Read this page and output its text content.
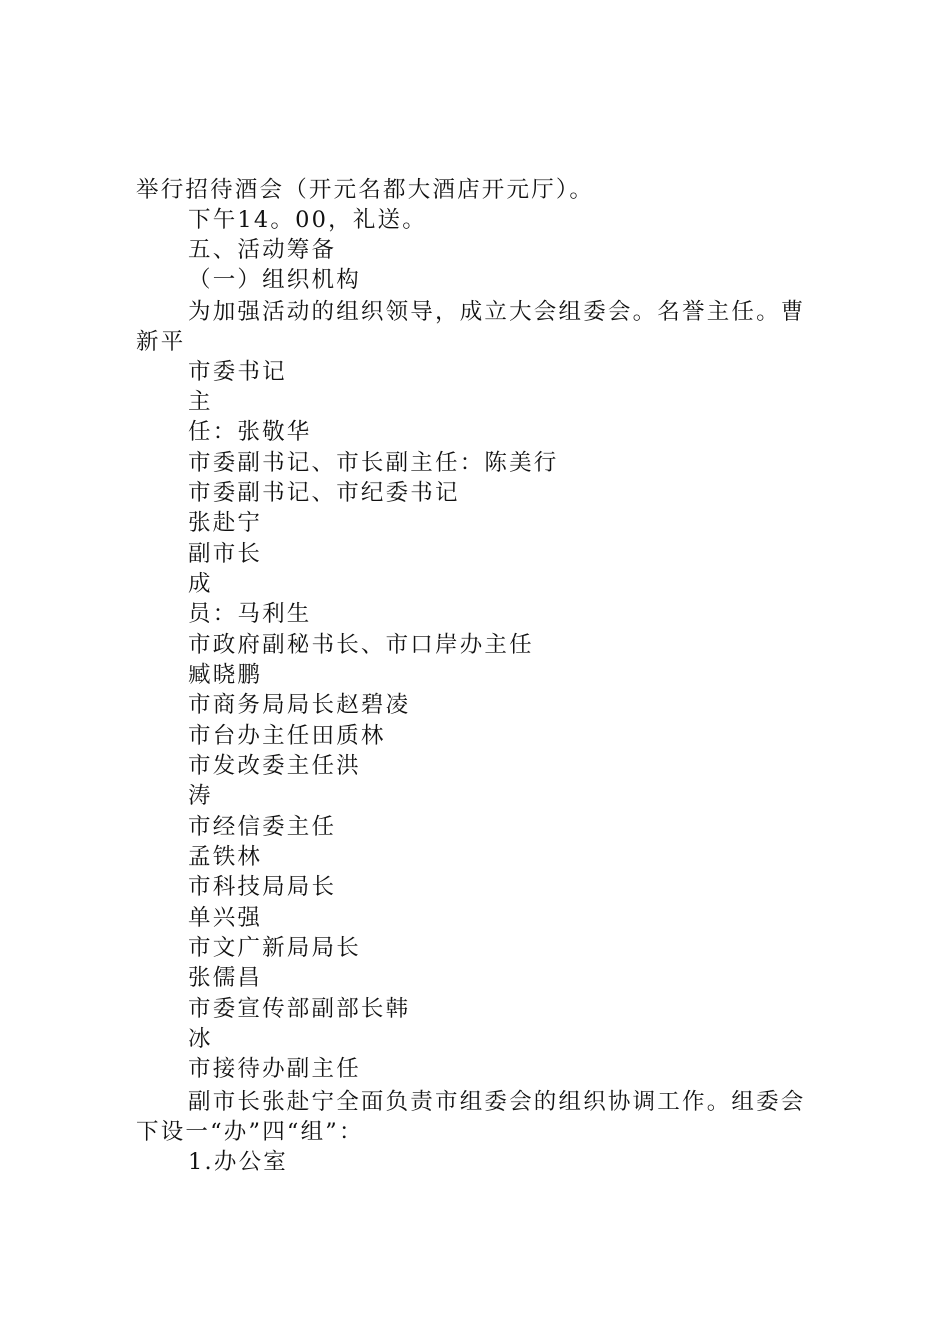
举行招待酒会（开元名都大酒店开元厅）。
下午14。00，礼送。
五、活动筹备
（一）组织机构
为加强活动的组织领导，成立大会组委会。名誉主任。曹
新平
市委书记
主
任：张敬华
市委副书记、市长副主任：陈美行
市委副书记、市纪委书记
张赴宁
副市长
成
员：马利生
市政府副秘书长、市口岸办主任
臧晓鹏
市商务局局长赵碧凌
市台办主任田质林
市发改委主任洪
涛
市经信委主任
孟铁林
市科技局局长
单兴强
市文广新局局长
张儒昌
市委宣传部副部长韩
冰
市接待办副主任
副市长张赴宁全面负责市组委会的组织协调工作。组委会
下设一“办”四“组”：
1.办公室
